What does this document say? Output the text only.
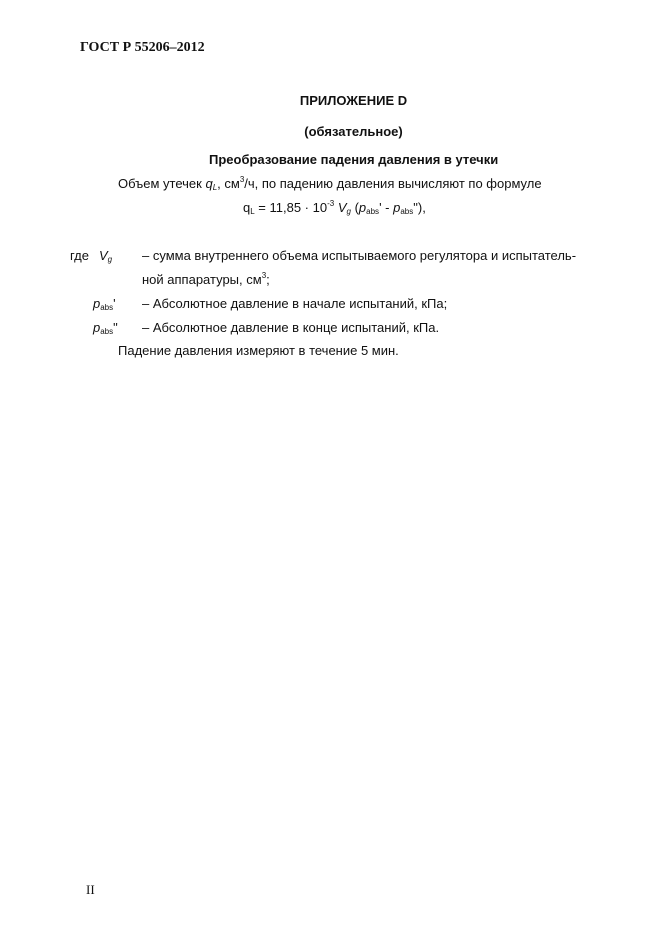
ГОСТ Р 55206–2012
ПРИЛОЖЕНИЕ D
(обязательное)
Преобразование падения давления в утечки
Объем утечек $q_L$, $см^3/ч$, по падению давления вычисляют по формуле
$q_L = 11,85 \cdot 10^{-3}$ $V_g$ ($p_{abs}'$ - $p_{abs}$"),
где $V_g$ – сумма внутреннего объема испытываемого регулятора и испытатель-
ной аппаратуры, $см^3$;
$p_{abs}'$ – Абсолютное давление в начале испытаний, кПа;
$p_{abs}$" – Абсолютное давление в конце испытаний, кПа.
Падение давления измеряют в течение 5 мин.
II
